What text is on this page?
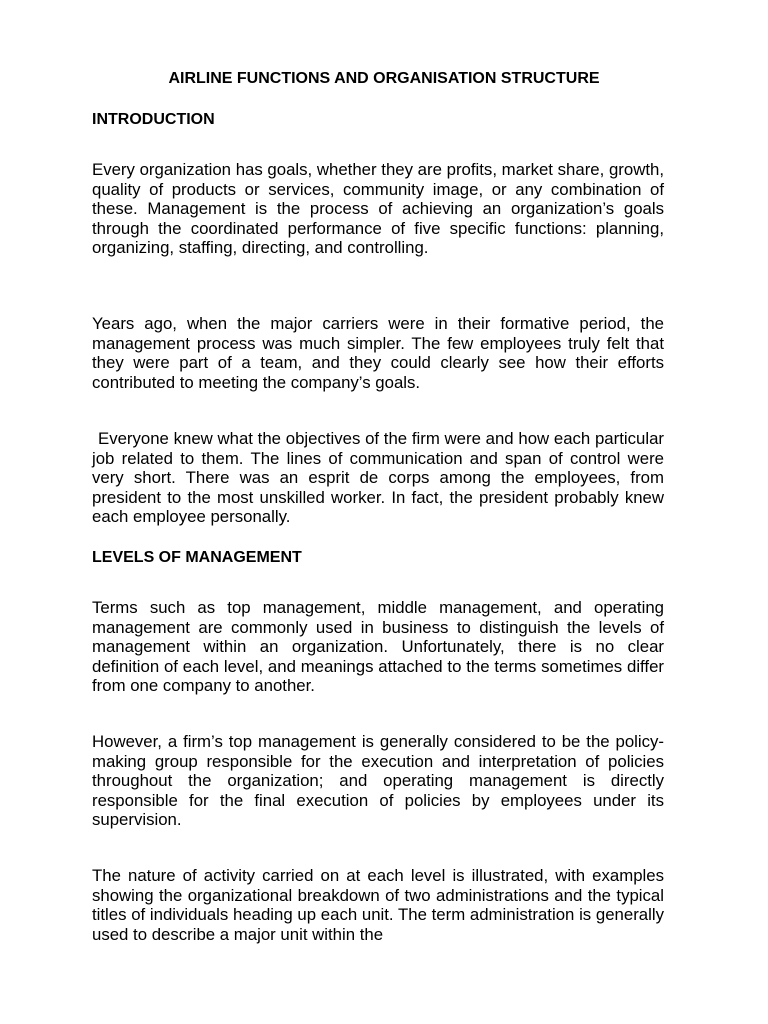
AIRLINE FUNCTIONS AND ORGANISATION STRUCTURE
INTRODUCTION

Every organization has goals, whether they are profits, market share, growth, quality of products or services, community image, or any combination of these. Management is the process of achieving an organization’s goals through the coordinated performance of five specific functions: planning, organizing, staffing, directing, and controlling.

Years ago, when the major carriers were in their formative period, the management process was much simpler. The few employees truly felt that they were part of a team, and they could clearly see how their efforts contributed to meeting the company’s goals.

Everyone knew what the objectives of the firm were and how each particular job related to them. The lines of communication and span of control were very short. There was an esprit de corps among the employees, from president to the most unskilled worker. In fact, the president probably knew each employee personally.

LEVELS OF MANAGEMENT

Terms such as top management, middle management, and operating management are commonly used in business to distinguish the levels of management within an organization. Unfortunately, there is no clear definition of each level, and meanings attached to the terms sometimes differ from one company to another.

However, a firm’s top management is generally considered to be the policy-making group responsible for the execution and interpretation of policies throughout the organization; and operating management is directly responsible for the final execution of policies by employees under its supervision.

The nature of activity carried on at each level is illustrated, with examples showing the organizational breakdown of two administrations and the typical titles of individuals heading up each unit. The term administration is generally used to describe a major unit within the
